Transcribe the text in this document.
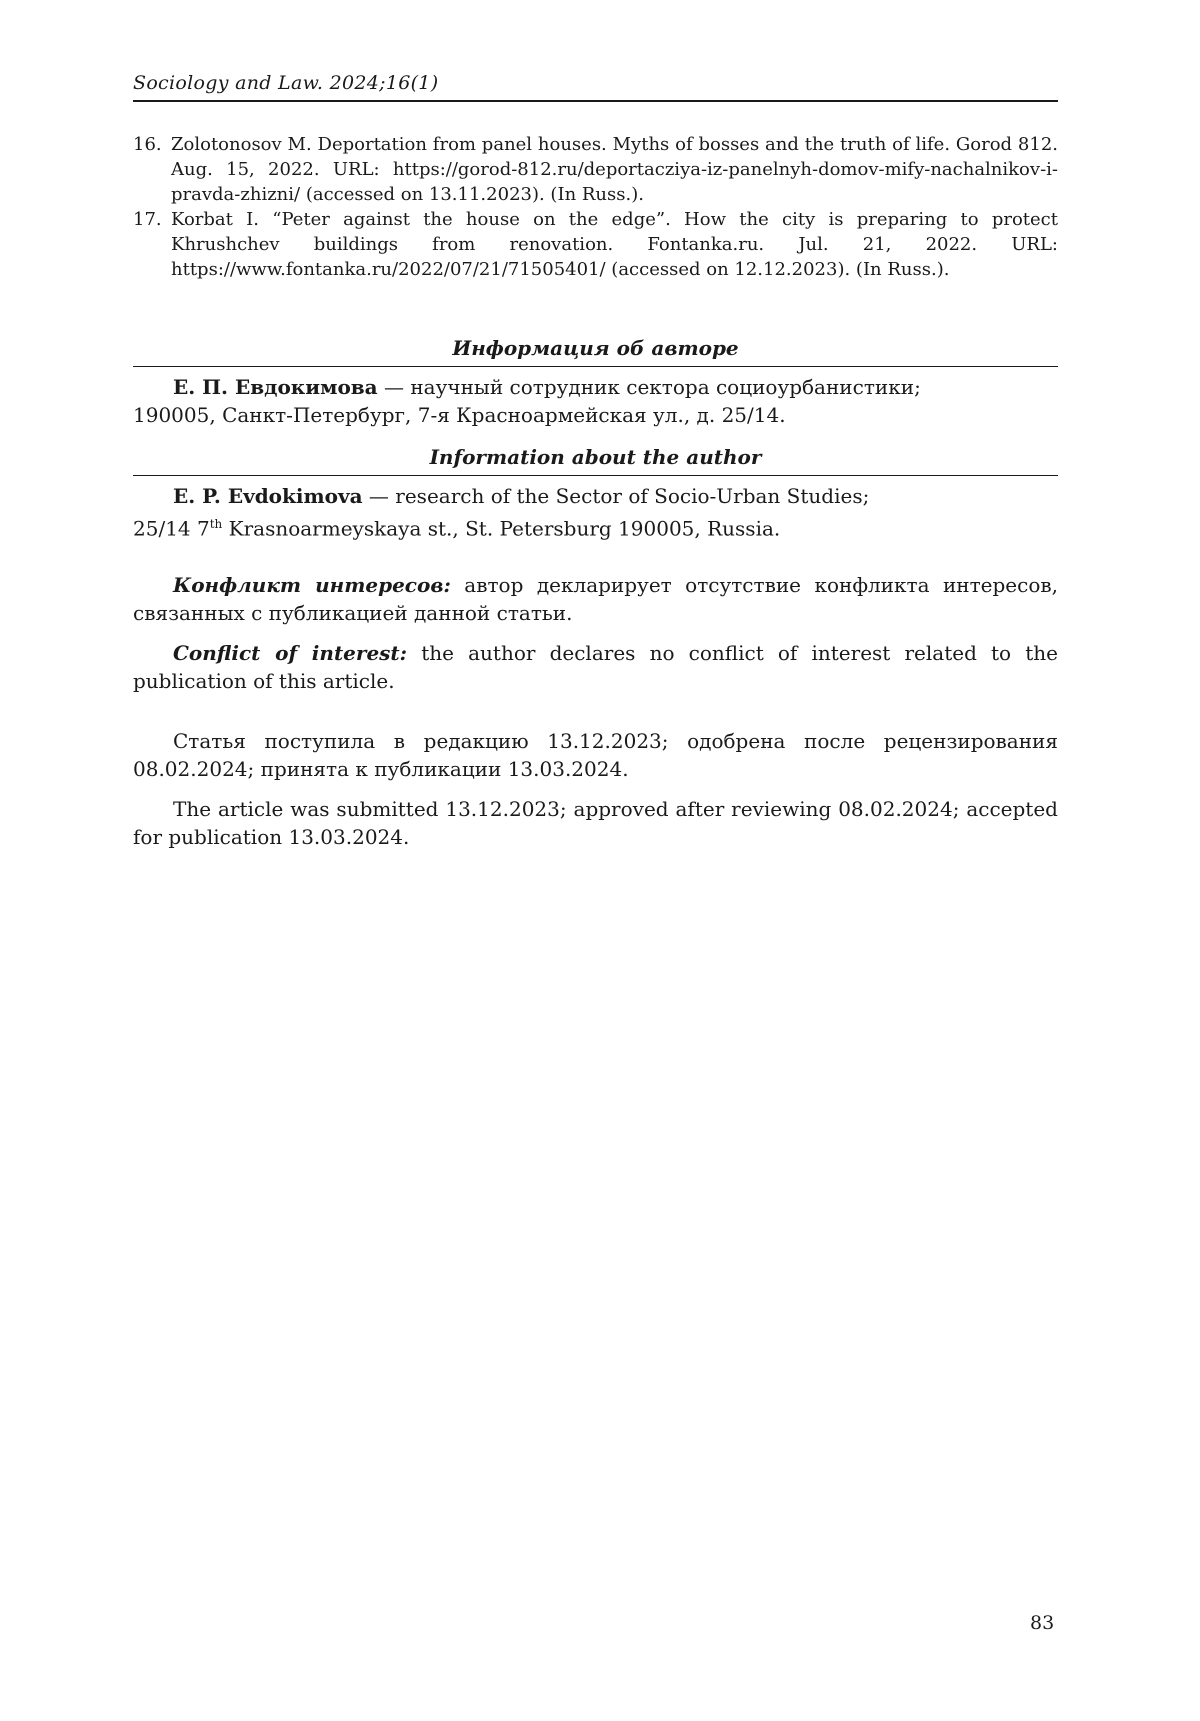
Sociology and Law. 2024;16(1)
16. Zolotonosov M. Deportation from panel houses. Myths of bosses and the truth of life. Gorod 812. Aug. 15, 2022. URL: https://gorod-812.ru/deportacziya-iz-panelnyh-domov-mify-nachalnikov-i-pravda-zhizni/ (accessed on 13.11.2023). (In Russ.).
17. Korbat I. “Peter against the house on the edge”. How the city is preparing to protect Khrushchev buildings from renovation. Fontanka.ru. Jul. 21, 2022. URL: https://www.fontanka.ru/2022/07/21/71505401/ (accessed on 12.12.2023). (In Russ.).
Информация об авторе
Е. П. Евдокимова — научный сотрудник сектора социоурбанистики;
190005, Санкт-Петербург, 7-я Красноармейская ул., д. 25/14.
Information about the author
E. P. Evdokimova — research of the Sector of Socio-Urban Studies;
25/14 7th Krasnoarmeyskaya st., St. Petersburg 190005, Russia.
Конфликт интересов: автор декларирует отсутствие конфликта интересов, связанных с публикацией данной статьи.
Conflict of interest: the author declares no conflict of interest related to the publication of this article.
Статья поступила в редакцию 13.12.2023; одобрена после рецензирования 08.02.2024; принята к публикации 13.03.2024.
The article was submitted 13.12.2023; approved after reviewing 08.02.2024; accepted for publication 13.03.2024.
83
